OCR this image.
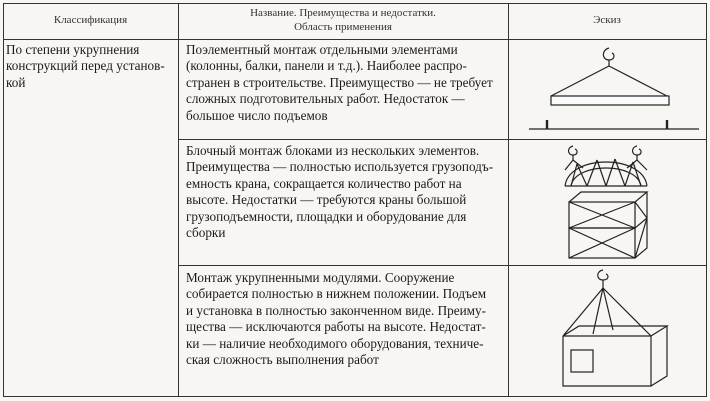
Классификация
Название. Преимущества и недостатки.
Область применения
Эскиз
По степени укрупнения
конструкций перед установ-
кой
Поэлементный монтаж отдельными элементами
(колонны, балки, панели и т.д.). Наиболее распро-
странен в строительстве. Преимущество — не требует
сложных подготовительных работ. Недостаток —
большое число подъемов
Блочный монтаж блоками из нескольких элементов.
Преимущества — полностью используется грузоподъ-
емность крана, сокращается количество работ на
высоте. Недостатки — требуются краны большой
грузоподъемности, площадки и оборудование для
сборки
Монтаж укрупненными модулями. Сооружение
собирается полностью в нижнем положении. Подъем
и установка в полностью законченном виде. Преиму-
щества — исключаются работы на высоте. Недостат-
ки — наличие необходимого оборудования, техниче-
ская сложность выполнения работ
